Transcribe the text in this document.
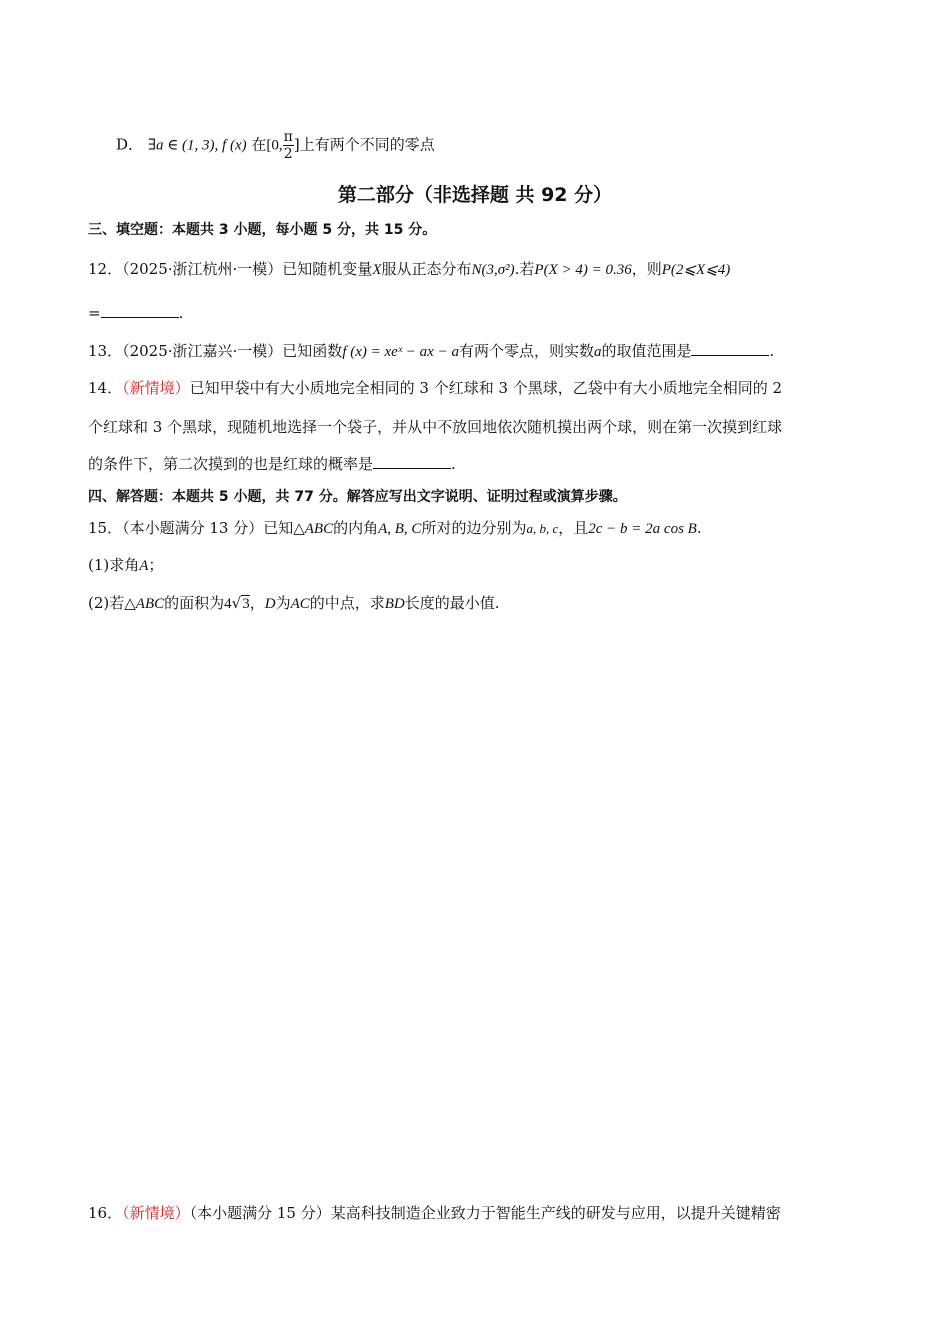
D． ∃a ∈ (1, 3), f (x) 在[0, $\frac{\pi}{2}$ ]上有两个不同的零点
第二部分（非选择题 共 92 分）
三、填空题：本题共 3 小题，每小题 5 分，共 15 分。
12．（2025·浙江杭州·一模）已知随机变量X服从正态分布N(3,σ²).若P(X > 4) = 0.36，则P(2⩽X⩽4)
=	.
13．（2025·浙江嘉兴·一模）已知函数f (x) = xeˣ − ax − a有两个零点，则实数a的取值范围是	.
14．（新情境）已知甲袋中有大小质地完全相同的 3 个红球和 3 个黑球，乙袋中有大小质地完全相同的 2
个红球和 3 个黑球，现随机地选择一个袋子，并从中不放回地依次随机摸出两个球，则在第一次摸到红球
的条件下，第二次摸到的也是红球的概率是	.
四、解答题：本题共 5 小题，共 77 分。解答应写出文字说明、证明过程或演算步骤。
15．（本小题满分 13 分）已知△ABC的内角A, B, C所对的边分别为a, b, c，且2c − b = 2a cos B.
(1)求角A；
(2)若△ABC的面积为4√3，D为AC的中点，求BD长度的最小值.
16．（新情境）（本小题满分 15 分）某高科技制造企业致力于智能生产线的研发与应用，以提升关键精密
